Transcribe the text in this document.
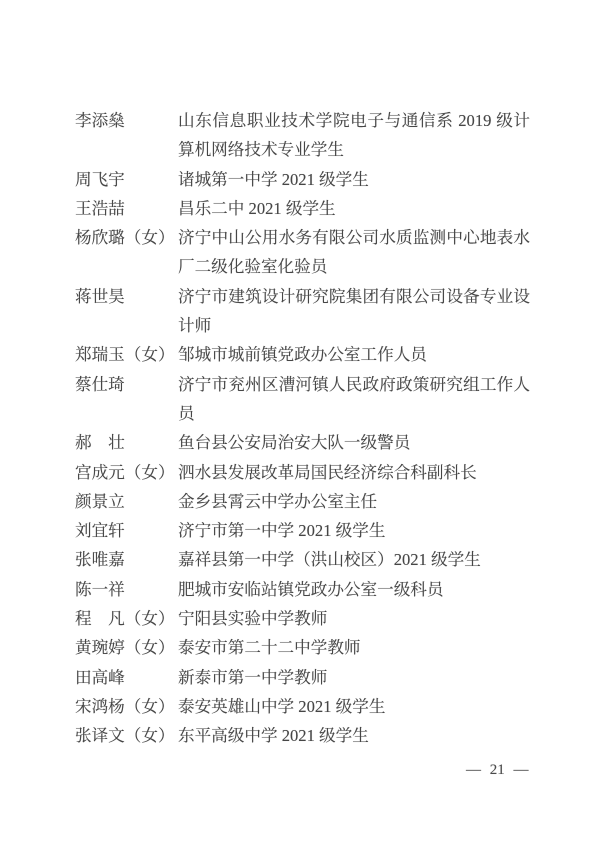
李添燊	山东信息职业技术学院电子与通信系 2019 级计
算机网络技术专业学生
周飞宇	诸城第一中学 2021 级学生
王浩喆	昌乐二中 2021 级学生
杨欣璐（女） 济宁中山公用水务有限公司水质监测中心地表水
厂二级化验室化验员
蒋世昊	济宁市建筑设计研究院集团有限公司设备专业设
计师
郑瑞玉（女） 邹城市城前镇党政办公室工作人员
蔡仕琦	济宁市兖州区漕河镇人民政府政策研究组工作人
员
郝　壮	鱼台县公安局治安大队一级警员
宫成元（女） 泗水县发展改革局国民经济综合科副科长
颜景立	金乡县霄云中学办公室主任
刘宜轩	济宁市第一中学 2021 级学生
张唯嘉	嘉祥县第一中学（洪山校区）2021 级学生
陈一祥	肥城市安临站镇党政办公室一级科员
程　凡（女） 宁阳县实验中学教师
黄琬婷（女） 泰安市第二十二中学教师
田高峰	新泰市第一中学教师
宋鸿杨（女） 泰安英雄山中学 2021 级学生
张译文（女） 东平高级中学 2021 级学生
— 21 —
